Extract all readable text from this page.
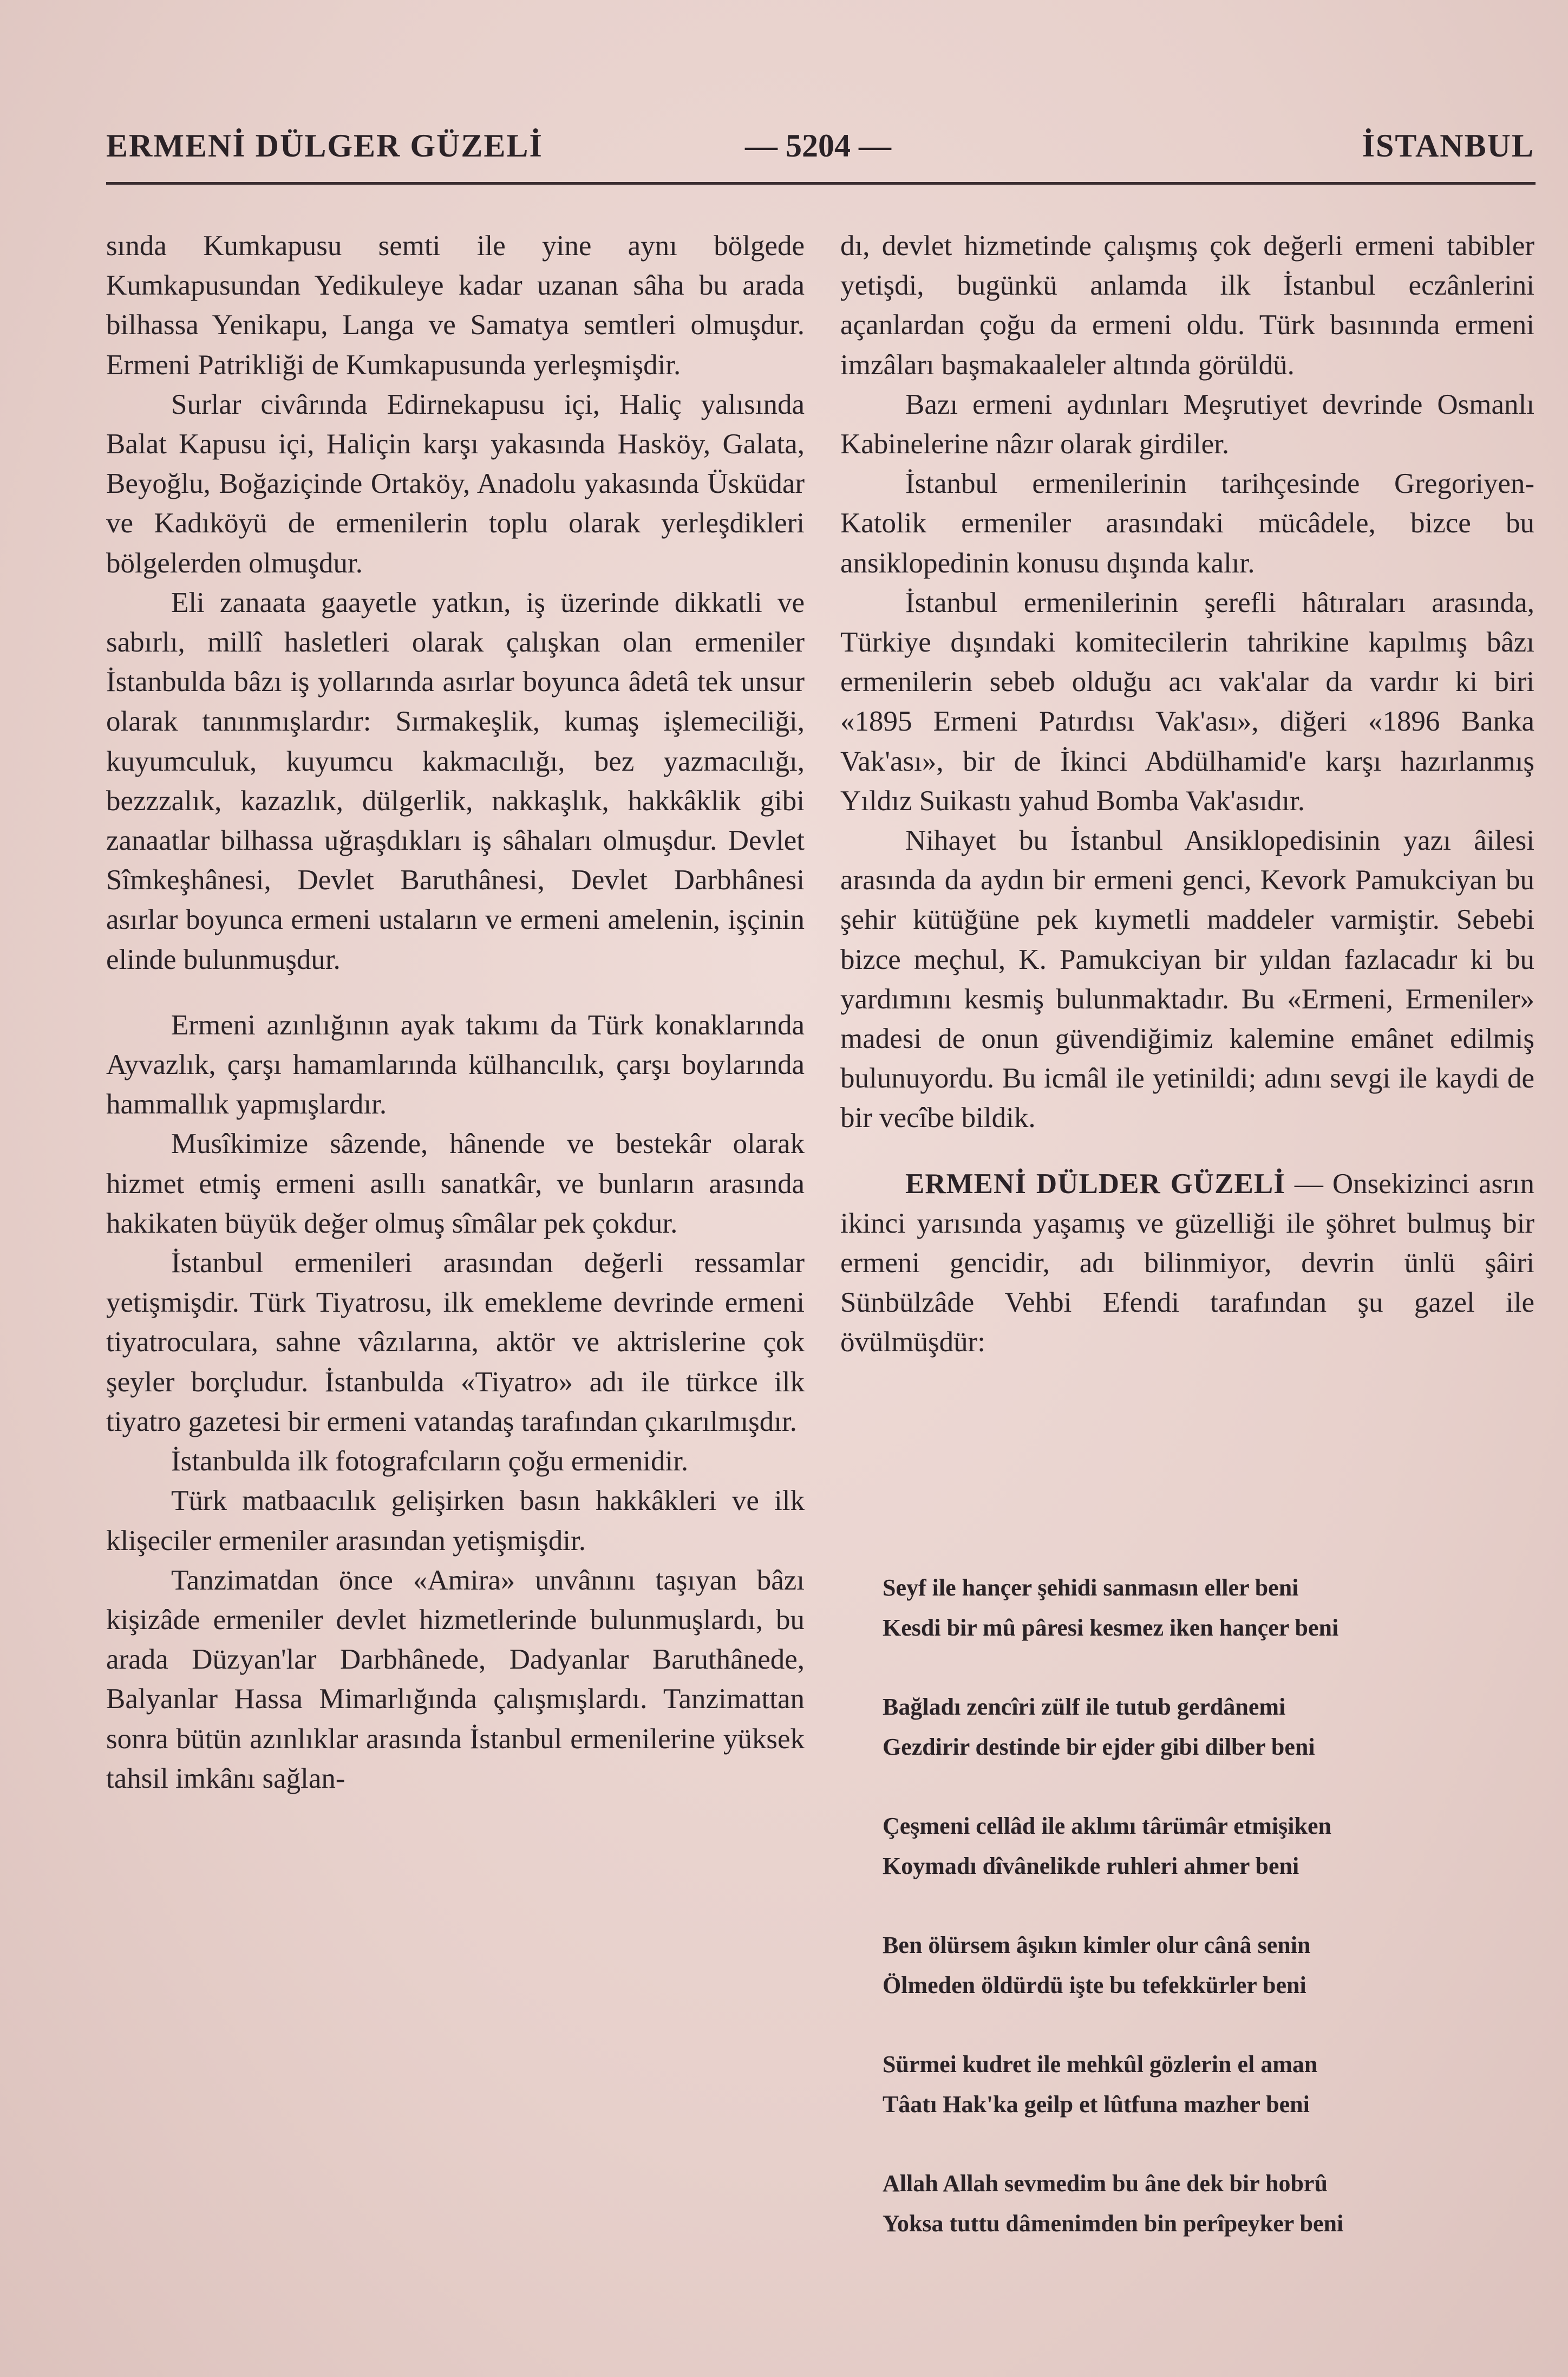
ERMENİ DÜLGER GÜZELİ	— 5204 —	İSTANBUL

sında Kumkapusu semti ile yine aynı bölgede Kumkapusundan Yedikuleye kadar uzanan sâha bu arada bilhassa Yenikapu, Langa ve Samatya semtleri olmuşdur. Ermeni Patrikliği de Kumkapusunda yerleşmişdir.

Surlar civârında Edirnekapusu içi, Haliç yalısında Balat Kapusu içi, Haliçin karşı yakasında Hasköy, Galata, Beyoğlu, Boğaziçinde Ortaköy, Anadolu yakasında Üsküdar ve Kadıköyü de ermenilerin toplu olarak yerleşdikleri bölgelerden olmuşdur.

Eli zanaata gaayetle yatkın, iş üzerinde dikkatli ve sabırlı, millî hasletleri olarak çalışkan olan ermeniler İstanbulda bâzı iş yollarında asırlar boyunca âdetâ tek unsur olarak tanınmışlardır: Sırmakeşlik, kumaş işlemeciliği, kuyumculuk, kuyumcu kakmacılığı, bez yazmacılığı, bezzzalık, kazazlık, dülgerlik, nakkaşlık, hakkâklik gibi zanaatlar bilhassa uğraşdıkları iş sâhaları olmuşdur. Devlet Sîmkeşhânesi, Devlet Baruthânesi, Devlet Darbhânesi asırlar boyunca ermeni ustaların ve ermeni amelenin, işçinin elinde bulunmuşdur.

Ermeni azınlığının ayak takımı da Türk konaklarında Ayvazlık, çarşı hamamlarında külhancılık, çarşı boylarında hammallık yapmışlardır.

Musîkimize sâzende, hânende ve bestekâr olarak hizmet etmiş ermeni asıllı sanatkâr, ve bunların arasında hakikaten büyük değer olmuş sîmâlar pek çokdur.

İstanbul ermenileri arasından değerli ressamlar yetişmişdir. Türk Tiyatrosu, ilk emekleme devrinde ermeni tiyatroculara, sahne vâzılarına, aktör ve aktrislerine çok şeyler borçludur. İstanbulda «Tiyatro» adı ile türkce ilk tiyatro gazetesi bir ermeni vatandaş tarafından çıkarılmışdır.

İstanbulda ilk fotografcıların çoğu ermenidir.

Türk matbaacılık gelişirken basın hakkâkleri ve ilk klişeciler ermeniler arasından yetişmişdir.

Tanzimatdan önce «Amira» unvânını taşıyan bâzı kişizâde ermeniler devlet hizmetlerinde bulunmuşlardı, bu arada Düzyan'lar Darbhânede, Dadyanlar Baruthânede, Balyanlar Hassa Mimarlığında çalışmışlardı. Tanzimattan sonra bütün azınlıklar arasında İstanbul ermenilerine yüksek tahsil imkânı sağlan-

dı, devlet hizmetinde çalışmış çok değerli ermeni tabibler yetişdi, bugünkü anlamda ilk İstanbul eczânlerini açanlardan çoğu da ermeni oldu. Türk basınında ermeni imzâları başmakaaleler altında görüldü.

Bazı ermeni aydınları Meşrutiyet devrinde Osmanlı Kabinelerine nâzır olarak girdiler.

İstanbul ermenilerinin tarihçesinde Gregoriyen-Katolik ermeniler arasındaki mücâdele, bizce bu ansiklopedinin konusu dışında kalır.

İstanbul ermenilerinin şerefli hâtıraları arasında, Türkiye dışındaki komitecilerin tahrikine kapılmış bâzı ermenilerin sebeb olduğu acı vak'alar da vardır ki biri «1895 Ermeni Patırdısı Vak'ası», diğeri «1896 Banka Vak'ası», bir de İkinci Abdülhamid'e karşı hazırlanmış Yıldız Suikastı yahud Bomba Vak'asıdır.

Nihayet bu İstanbul Ansiklopedisinin yazı âilesi arasında da aydın bir ermeni genci, Kevork Pamukciyan bu şehir kütüğüne pek kıymetli maddeler varmiştir. Sebebi bizce meçhul, K. Pamukciyan bir yıldan fazlacadır ki bu yardımını kesmiş bulunmaktadır. Bu «Ermeni, Ermeniler» madesi de onun güvendiğimiz kalemine emânet edilmiş bulunuyordu. Bu icmâl ile yetinildi; adını sevgi ile kaydi de bir vecîbe bildik.

ERMENİ DÜLDER GÜZELİ — Onsekizinci asrın ikinci yarısında yaşamış ve güzelliği ile şöhret bulmuş bir ermeni gencidir, adı bilinmiyor, devrin ünlü şâiri Sünbülzâde Vehbi Efendi tarafından şu gazel ile övülmüşdür:

Seyf ile hançer şehidi sanmasın eller beni
Kesdi bir mû pâresi kesmez iken hançer beni
Bağladı zencîri zülf ile tutub gerdânemi
Gezdirir destinde bir ejder gibi dilber beni
Çeşmeni cellâd ile aklımı târümâr etmişiken
Koymadı dîvânelikde ruhleri ahmer beni
Ben ölürsem âşıkın kimler olur cânâ senin
Ölmeden öldürdü işte bu tefekkürler beni
Sürmei kudret ile mehkûl gözlerin el aman
Tâatı Hak'ka geilp et lûtfuna mazher beni
Allah Allah sevmedim bu âne dek bir hobrû
Yoksa tuttu dâmenimden bin perîpeyker beni
